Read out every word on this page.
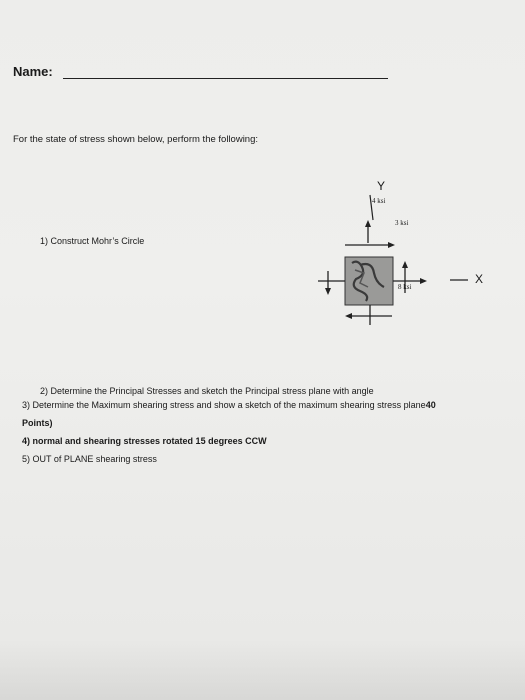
Name:
For the state of stress shown below, perform the following:
1) Construct Mohr’s Circle
Y
X
4 ksi
3 ksi
8 ksi
2) Determine the Principal Stresses and sketch the Principal stress plane with angle
3) Determine the Maximum shearing stress and show a sketch of the maximum shearing stress plane40
Points)
4) normal and shearing stresses rotated 15 degrees CCW
5) OUT of PLANE shearing stress
